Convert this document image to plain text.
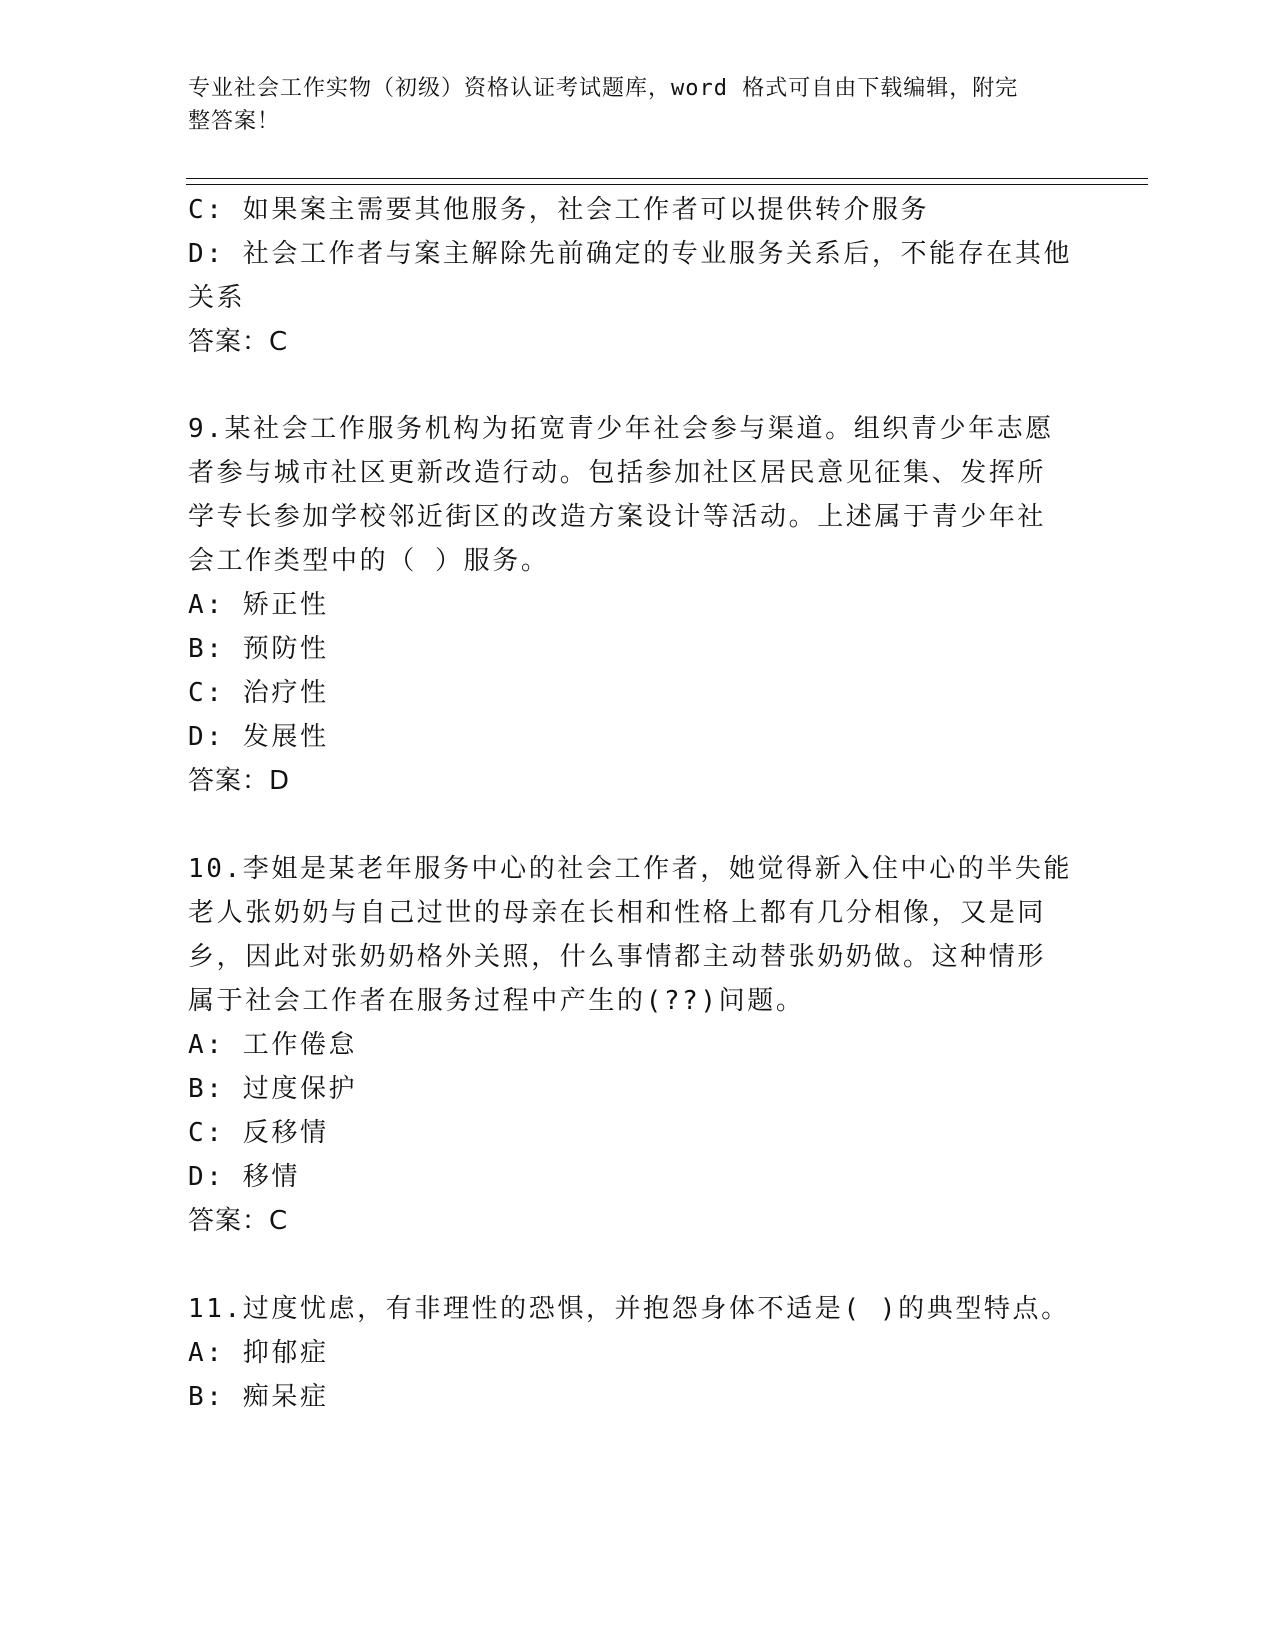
专业社会工作实物（初级）资格认证考试题库，word 格式可自由下载编辑，附完
整答案！
C: 如果案主需要其他服务，社会工作者可以提供转介服务
D: 社会工作者与案主解除先前确定的专业服务关系后，不能存在其他
关系
答案：C
9.某社会工作服务机构为拓宽青少年社会参与渠道。组织青少年志愿
者参与城市社区更新改造行动。包括参加社区居民意见征集、发挥所
学专长参加学校邻近街区的改造方案设计等活动。上述属于青少年社
会工作类型中的（ ）服务。
A: 矫正性
B: 预防性
C: 治疗性
D: 发展性
答案：D
10.李姐是某老年服务中心的社会工作者，她觉得新入住中心的半失能
老人张奶奶与自己过世的母亲在长相和性格上都有几分相像，又是同
乡，因此对张奶奶格外关照，什么事情都主动替张奶奶做。这种情形
属于社会工作者在服务过程中产生的(??)问题。
A: 工作倦怠
B: 过度保护
C: 反移情
D: 移情
答案：C
11.过度忧虑，有非理性的恐惧，并抱怨身体不适是( )的典型特点。
A: 抑郁症
B: 痴呆症
